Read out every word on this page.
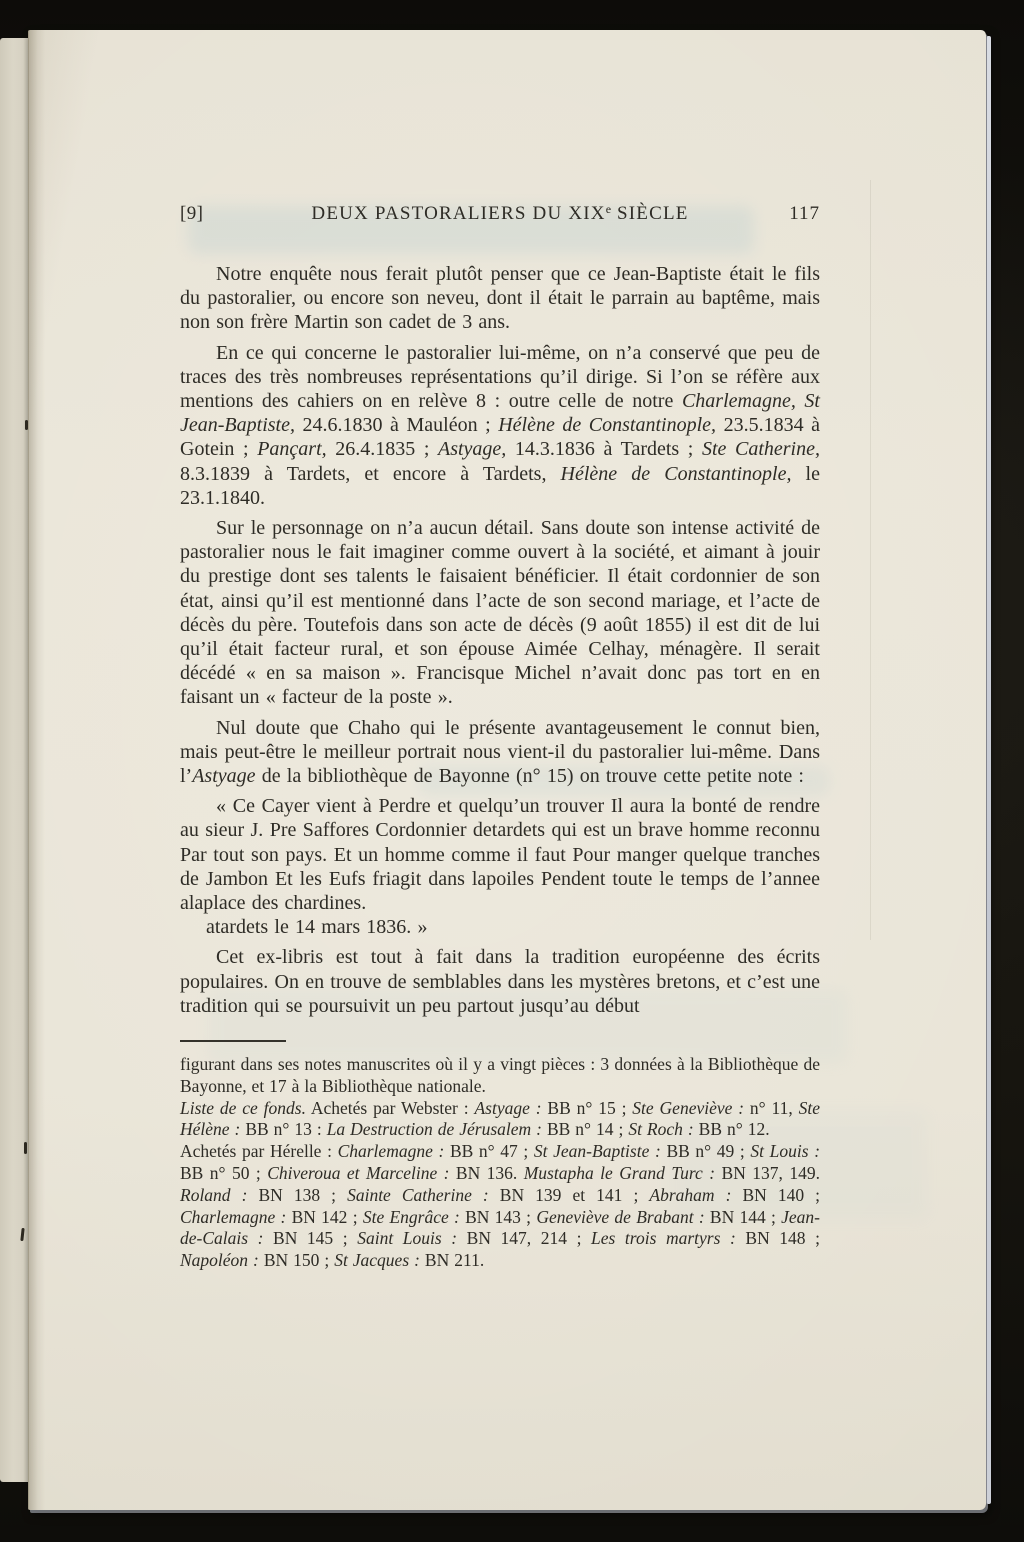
[9]	DEUX PASTORALIERS DU XIXe SIÈCLE	117

Notre enquête nous ferait plutôt penser que ce Jean-Baptiste était le fils du pastoralier, ou encore son neveu, dont il était le parrain au baptême, mais non son frère Martin son cadet de 3 ans.

En ce qui concerne le pastoralier lui-même, on n’a conservé que peu de traces des très nombreuses représentations qu’il dirige. Si l’on se réfère aux mentions des cahiers on en relève 8 : outre celle de notre Charlemagne, St Jean-Baptiste, 24.6.1830 à Mauléon ; Hélène de Constantinople, 23.5.1834 à Gotein ; Pançart, 26.4.1835 ; Astyage, 14.3.1836 à Tardets ; Ste Catherine, 8.3.1839 à Tardets, et encore à Tardets, Hélène de Constantinople, le 23.1.1840.

Sur le personnage on n’a aucun détail. Sans doute son intense activité de pastoralier nous le fait imaginer comme ouvert à la société, et aimant à jouir du prestige dont ses talents le faisaient bénéficier. Il était cordonnier de son état, ainsi qu’il est mentionné dans l’acte de son second mariage, et l’acte de décès du père. Toutefois dans son acte de décès (9 août 1855) il est dit de lui qu’il était facteur rural, et son épouse Aimée Celhay, ménagère. Il serait décédé « en sa maison ». Francisque Michel n’avait donc pas tort en en faisant un « facteur de la poste ».

Nul doute que Chaho qui le présente avantageusement le connut bien, mais peut-être le meilleur portrait nous vient-il du pastoralier lui-même. Dans l’Astyage de la bibliothèque de Bayonne (n° 15) on trouve cette petite note :

« Ce Cayer vient à Perdre et quelqu’un trouver Il aura la bonté de rendre au sieur J. Pre Saffores Cordonnier detardets qui est un brave homme reconnu Par tout son pays. Et un homme comme il faut Pour manger quelque tranches de Jambon Et les Eufs friagit dans lapoiles Pendent toute le temps de l’annee alaplace des chardines.

atardets le 14 mars 1836. »

Cet ex-libris est tout à fait dans la tradition européenne des écrits populaires. On en trouve de semblables dans les mystères bretons, et c’est une tradition qui se poursuivit un peu partout jusqu’au début

figurant dans ses notes manuscrites où il y a vingt pièces : 3 données à la Bibliothèque de Bayonne, et 17 à la Bibliothèque nationale.

Liste de ce fonds. Achetés par Webster : Astyage : BB n° 15 ; Ste Geneviève : n° 11, Ste Hélène : BB n° 13 : La Destruction de Jérusalem : BB n° 14 ; St Roch : BB n° 12.

Achetés par Hérelle : Charlemagne : BB n° 47 ; St Jean-Baptiste : BB n° 49 ; St Louis : BB n° 50 ; Chiveroua et Marceline : BN 136. Mustapha le Grand Turc : BN 137, 149. Roland : BN 138 ; Sainte Catherine : BN 139 et 141 ; Abraham : BN 140 ; Charlemagne : BN 142 ; Ste Engrâce : BN 143 ; Geneviève de Brabant : BN 144 ; Jean-de-Calais : BN 145 ; Saint Louis : BN 147, 214 ; Les trois martyrs : BN 148 ; Napoléon : BN 150 ; St Jacques : BN 211.
